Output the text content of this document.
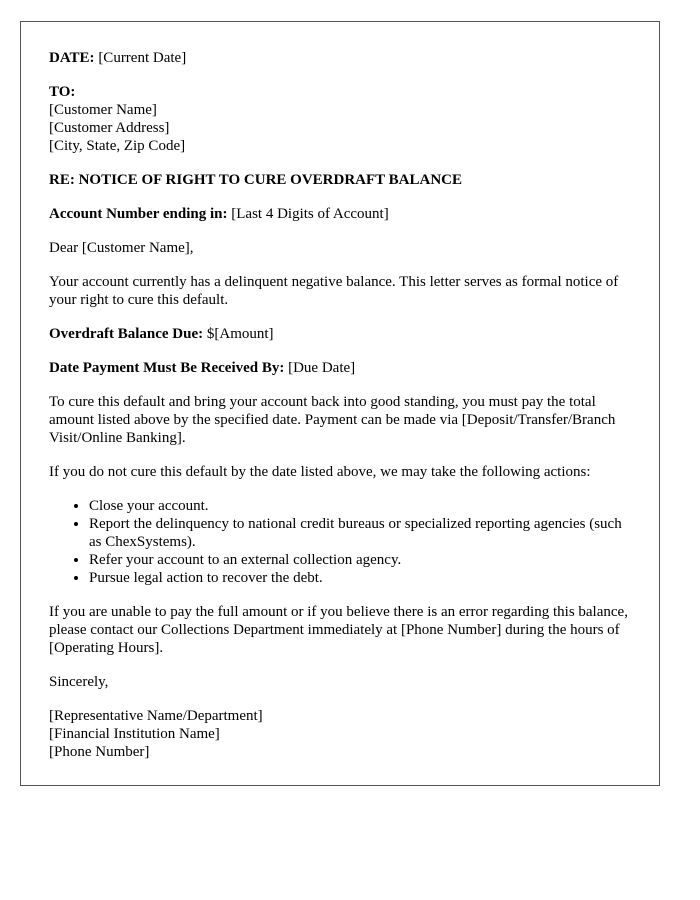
DATE: [Current Date]

TO:
[Customer Name]
[Customer Address]
[City, State, Zip Code]

RE: NOTICE OF RIGHT TO CURE OVERDRAFT BALANCE

Account Number ending in: [Last 4 Digits of Account]

Dear [Customer Name],

Your account currently has a delinquent negative balance. This letter serves as formal notice of your right to cure this default.

Overdraft Balance Due: $[Amount]

Date Payment Must Be Received By: [Due Date]

To cure this default and bring your account back into good standing, you must pay the total amount listed above by the specified date. Payment can be made via [Deposit/Transfer/Branch Visit/Online Banking].

If you do not cure this default by the date listed above, we may take the following actions:

• Close your account.
• Report the delinquency to national credit bureaus or specialized reporting agencies (such as ChexSystems).
• Refer your account to an external collection agency.
• Pursue legal action to recover the debt.

If you are unable to pay the full amount or if you believe there is an error regarding this balance, please contact our Collections Department immediately at [Phone Number] during the hours of [Operating Hours].

Sincerely,

[Representative Name/Department]
[Financial Institution Name]
[Phone Number]
